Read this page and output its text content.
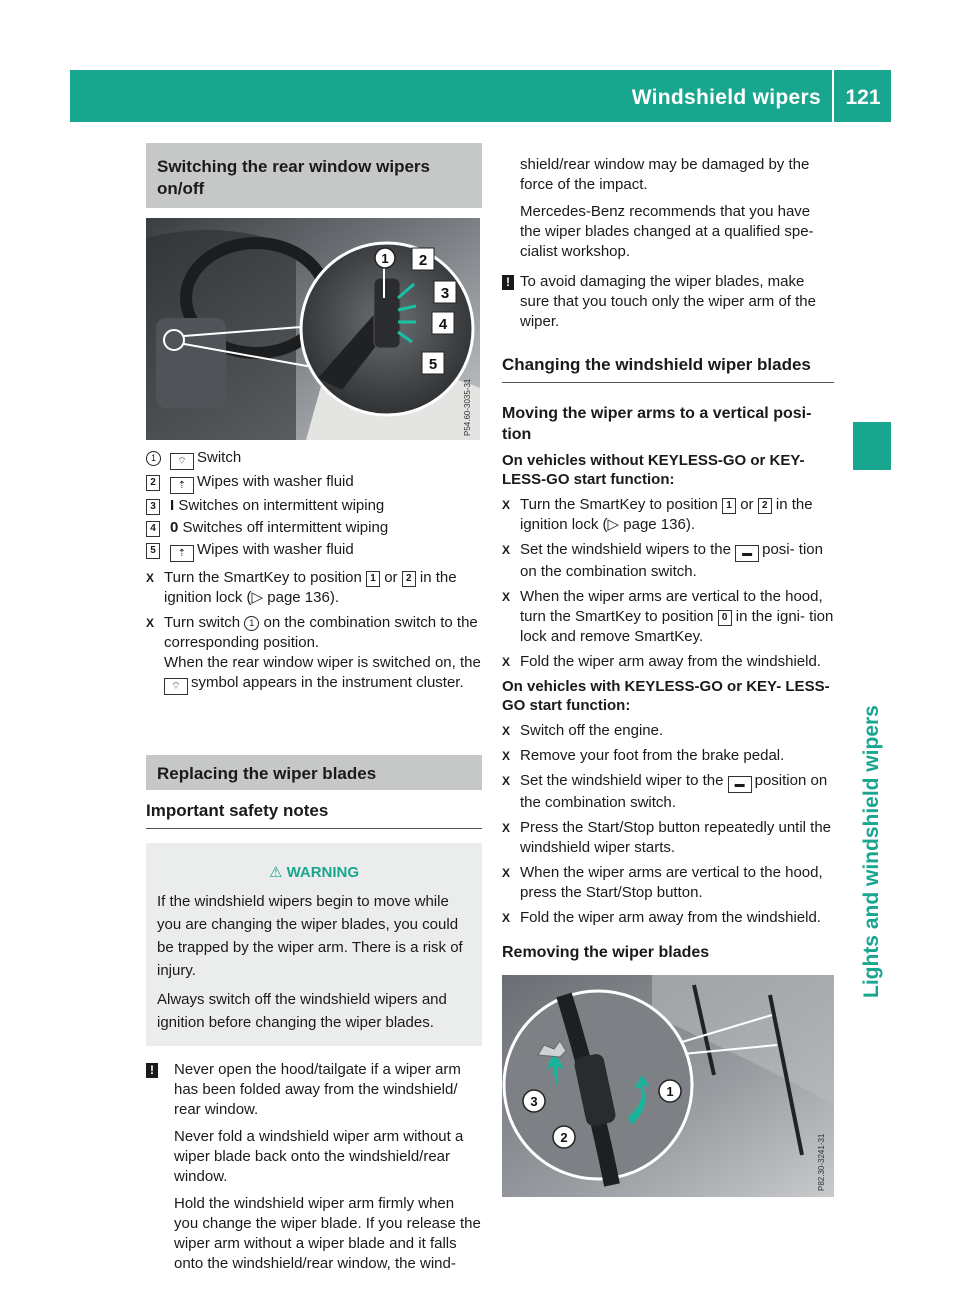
Windshield wipers 121
Lights and windshield wipers
Switching the rear window wipers on/off
1 2
3
4
5
P54.60-3035-31
1	⌔ Switch
2	⇡ Wipes with washer fluid
3 I Switches on intermittent wiping
4 0 Switches off intermittent wiping
5	⇡ Wipes with washer fluid
X Turn the SmartKey to position 1 or 2 in the ignition lock (▷ page 136).
X Turn switch 1 on the combination switch to the corresponding position.
When the rear window wiper is switched on, the ⌔ symbol appears in the instrument cluster.
Replacing the wiper blades
Important safety notes
⚠ WARNING
If the windshield wipers begin to move while you are changing the wiper blades, you could be trapped by the wiper arm. There is a risk of injury.
Always switch off the windshield wipers and ignition before changing the wiper blades.
!	Never open the hood/tailgate if a wiper arm has been folded away from the windshield/ rear window.
Never fold a windshield wiper arm without a wiper blade back onto the windshield/rear window.
Hold the windshield wiper arm firmly when you change the wiper blade. If you release the wiper arm without a wiper blade and it falls onto the windshield/rear window, the wind-
shield/rear window may be damaged by the force of the impact.
Mercedes-Benz recommends that you have the wiper blades changed at a qualified spe- cialist workshop.
! To avoid damaging the wiper blades, make sure that you touch only the wiper arm of the wiper.
Changing the windshield wiper blades
Moving the wiper arms to a vertical posi- tion
On vehicles without KEYLESS-GO or KEY- LESS-GO start function:
X Turn the SmartKey to position 1 or 2 in the ignition lock (▷ page 136).
X Set the windshield wipers to the ▬ posi- tion on the combination switch.
X When the wiper arms are vertical to the hood, turn the SmartKey to position 0 in the igni- tion lock and remove SmartKey.
X Fold the wiper arm away from the windshield.
On vehicles with KEYLESS-GO or KEY- LESS-GO start function:
X Switch off the engine.
X Remove your foot from the brake pedal.
X Set the windshield wiper to the ▬ position on the combination switch.
X Press the Start/Stop button repeatedly until the windshield wiper starts.
X When the wiper arms are vertical to the hood, press the Start/Stop button.
X Fold the wiper arm away from the windshield.
Removing the wiper blades
1
2
3
P82.30-3241-31
